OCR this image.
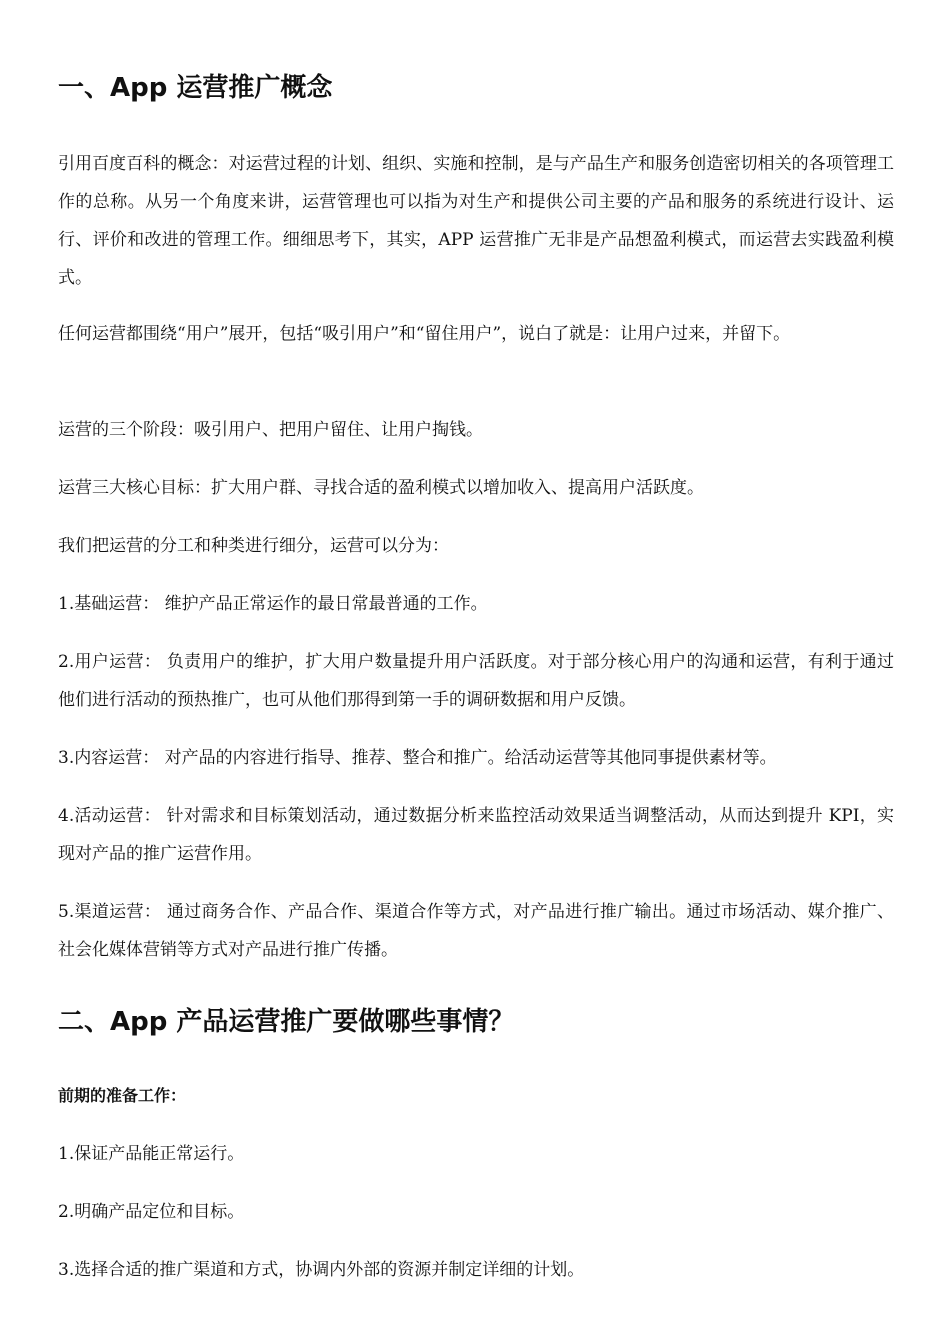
一、App 运营推广概念

引用百度百科的概念：对运营过程的计划、组织、实施和控制，是与产品生产和服务创造密切相关的各项管理工作的总称。从另一个角度来讲，运营管理也可以指为对生产和提供公司主要的产品和服务的系统进行设计、运行、评价和改进的管理工作。细细思考下，其实，APP 运营推广无非是产品想盈利模式，而运营去实践盈利模式。

任何运营都围绕“用户”展开，包括“吸引用户”和“留住用户”，说白了就是：让用户过来，并留下。

运营的三个阶段：吸引用户、把用户留住、让用户掏钱。

运营三大核心目标：扩大用户群、寻找合适的盈利模式以增加收入、提高用户活跃度。

我们把运营的分工和种类进行细分，运营可以分为：

1.基础运营： 维护产品正常运作的最日常最普通的工作。

2.用户运营： 负责用户的维护，扩大用户数量提升用户活跃度。对于部分核心用户的沟通和运营，有利于通过他们进行活动的预热推广，也可从他们那得到第一手的调研数据和用户反馈。

3.内容运营： 对产品的内容进行指导、推荐、整合和推广。给活动运营等其他同事提供素材等。

4.活动运营： 针对需求和目标策划活动，通过数据分析来监控活动效果适当调整活动，从而达到提升 KPI，实现对产品的推广运营作用。

5.渠道运营： 通过商务合作、产品合作、渠道合作等方式，对产品进行推广输出。通过市场活动、媒介推广、社会化媒体营销等方式对产品进行推广传播。

二、App 产品运营推广要做哪些事情？

前期的准备工作：

1.保证产品能正常运行。

2.明确产品定位和目标。

3.选择合适的推广渠道和方式，协调内外部的资源并制定详细的计划。
